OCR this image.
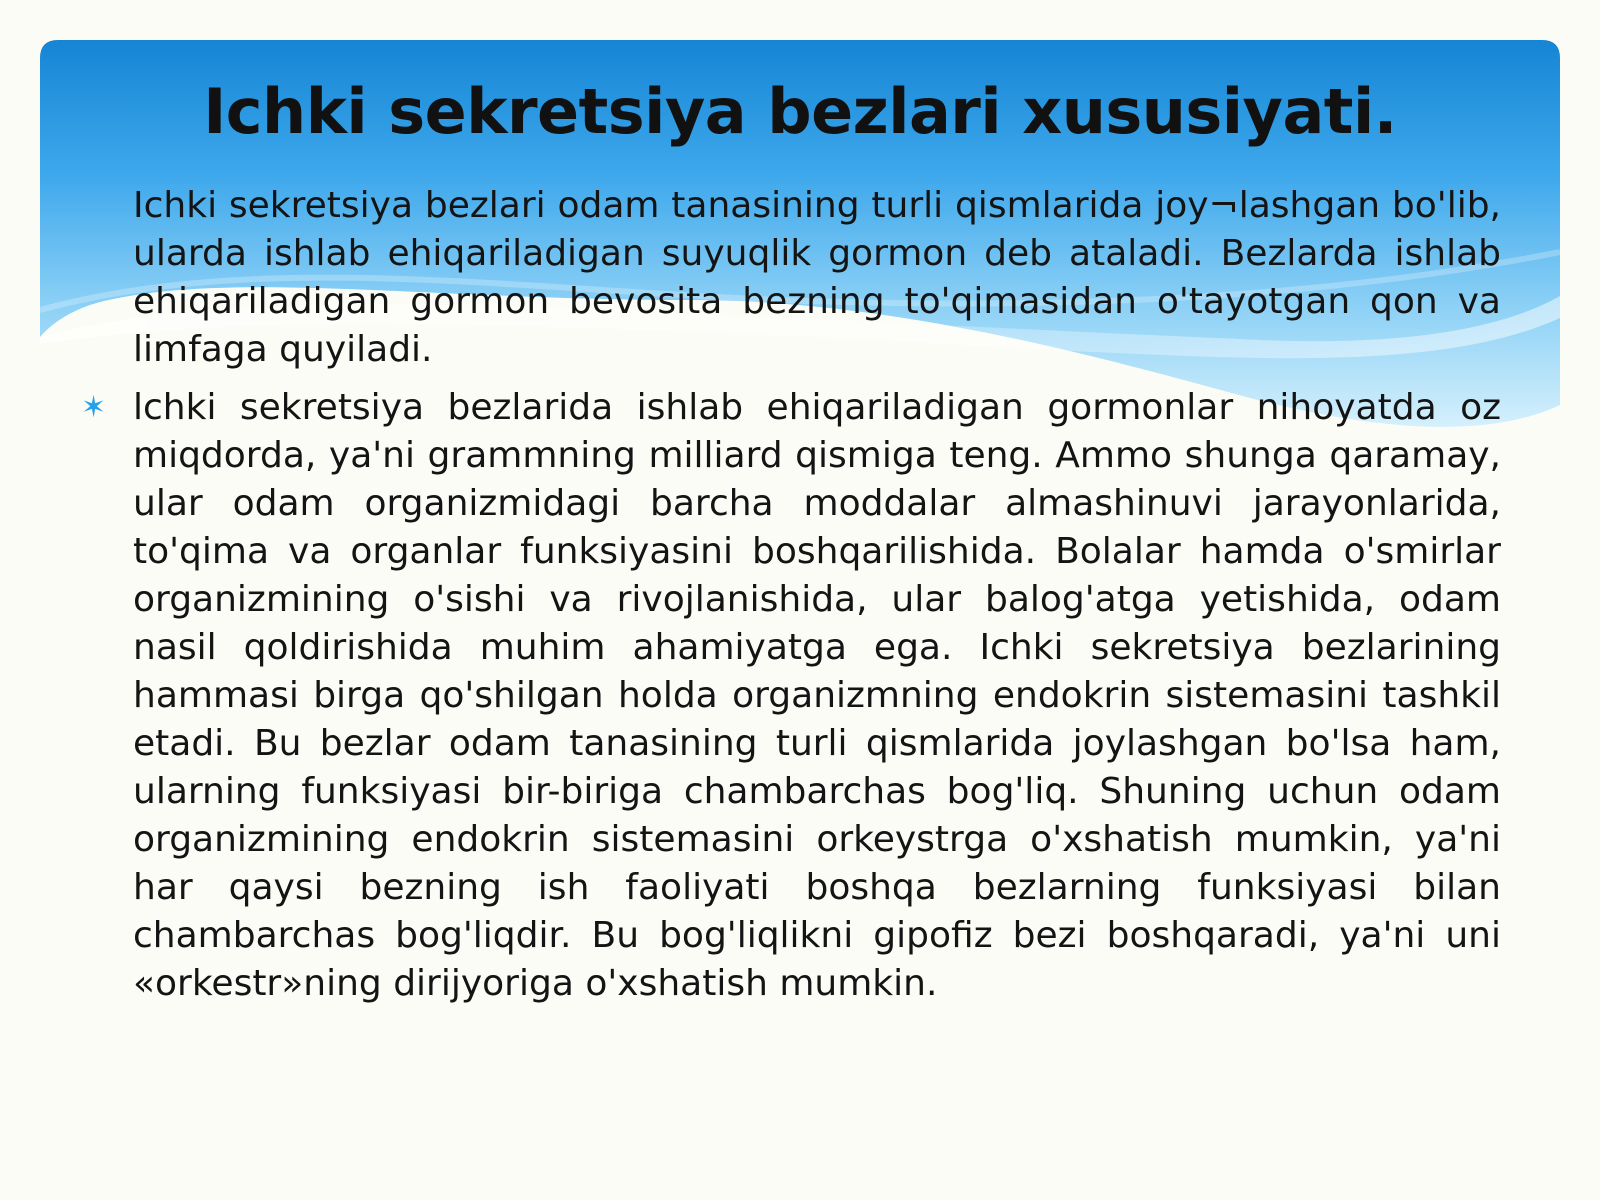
Ichki sekretsiya bezlari xususiyati.

Ichki sekretsiya bezlari odam tanasining turli qismlarida joy¬lashgan bo'lib, ularda ishlab ehiqariladigan suyuqlik gormon deb ataladi. Bezlarda ishlab ehiqariladigan gormon bevosita bezning to'qimasidan o'tayotgan qon va limfaga quyiladi.

✶ lchki sekretsiya bezlarida ishlab ehiqariladigan gormonlar nihoyatda oz miqdorda, ya'ni grammning milliard qismiga teng. Ammo shunga qaramay, ular odam organizmidagi barcha moddalar almashinuvi jarayonlarida, to'qima va organlar funksiyasini boshqarilishida. Bolalar hamda o'smirlar organizmining o'sishi va rivojlanishida, ular balog'atga yetishida, odam nasil qoldirishida muhim ahamiyatga ega. Ichki sekretsiya bezlarining hammasi birga qo'shilgan holda organizmning endokrin sistemasini tashkil etadi. Bu bezlar odam tanasining turli qismlarida joylashgan bo'lsa ham, ularning funksiyasi bir-biriga chambarchas bog'liq. Shuning uchun odam organizmining endokrin sistemasini orkeystrga o'xshatish mumkin, ya'ni har qaysi bezning ish faoliyati boshqa bezlarning funksiyasi bilan chambarchas bog'liqdir. Bu bog'liqlikni gipofiz bezi boshqaradi, ya'ni uni «orkestr»ning dirijyoriga o'xshatish mumkin.
